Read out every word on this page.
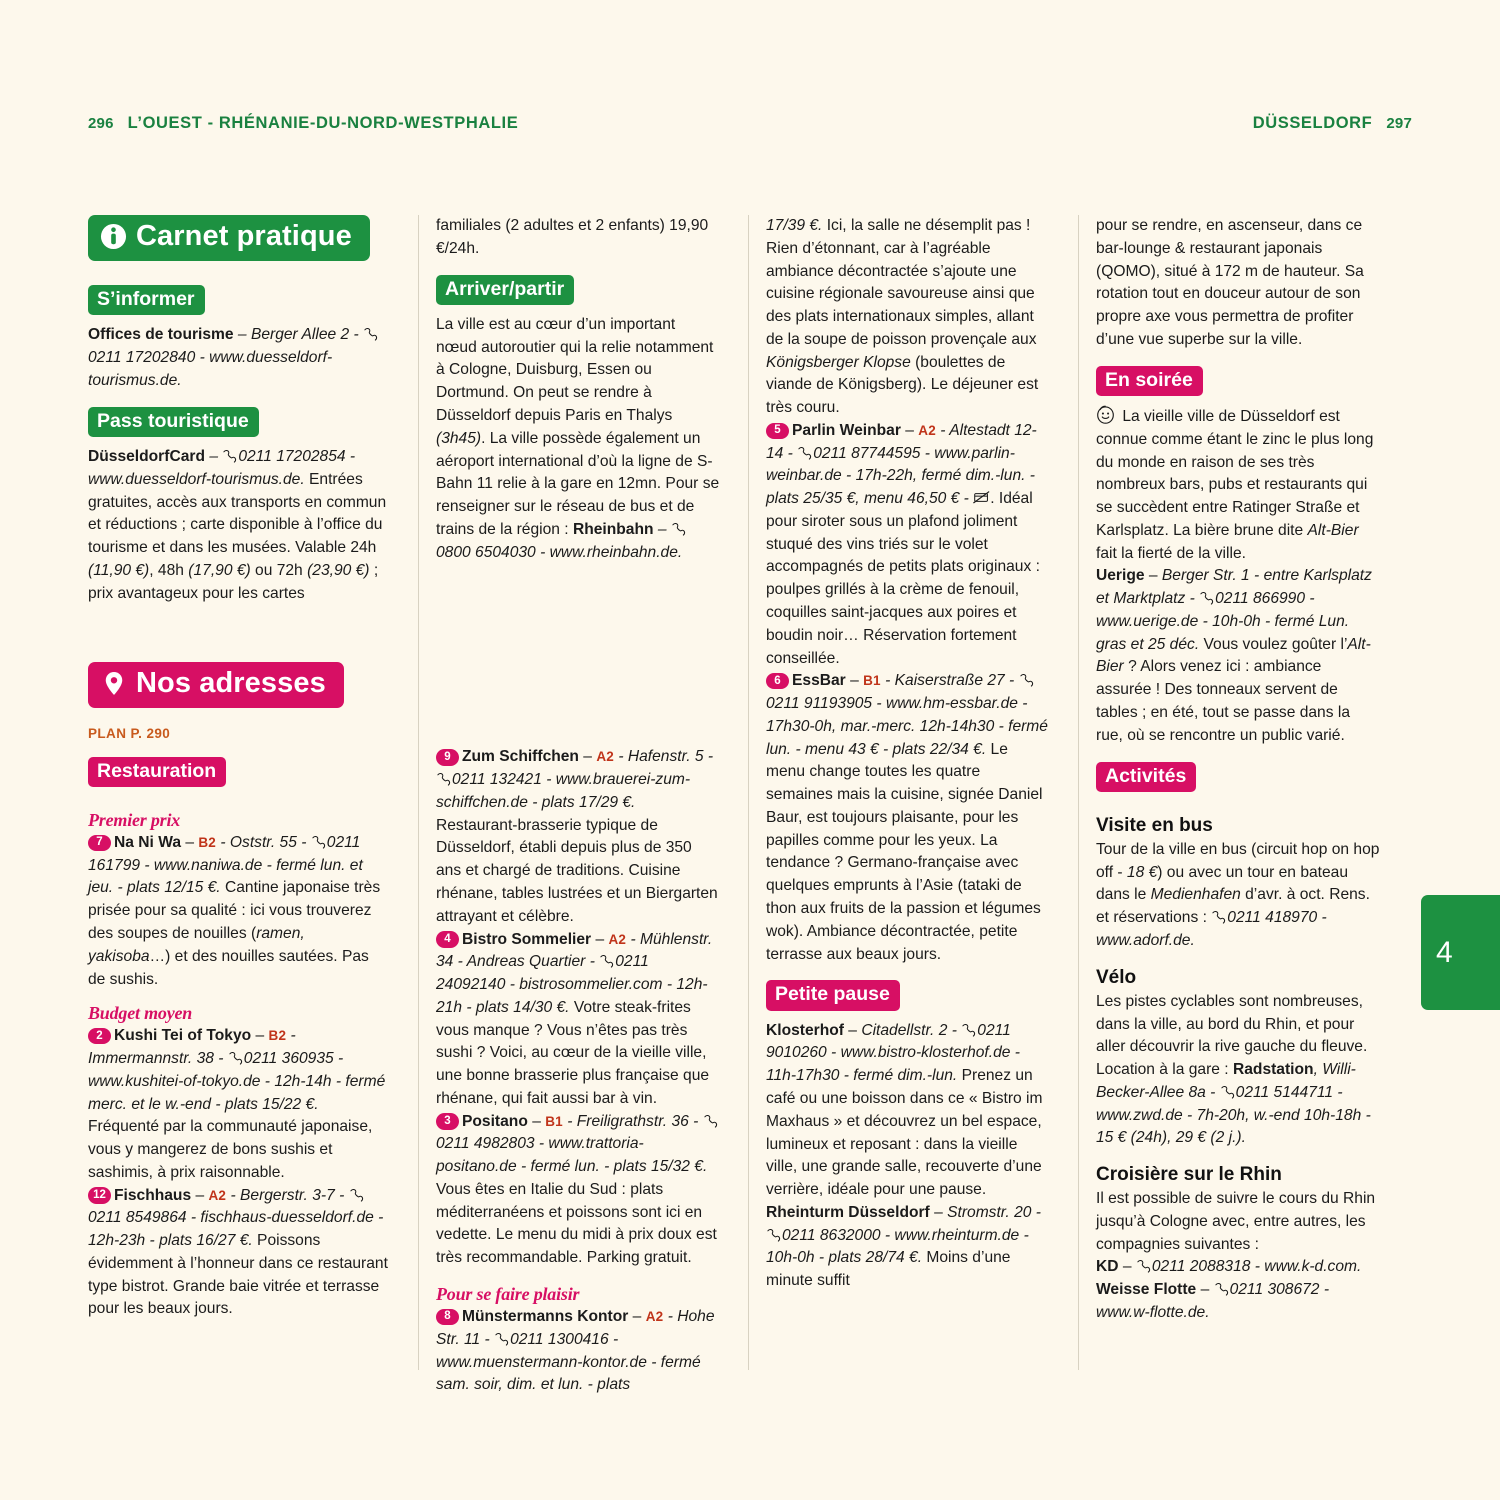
296 L’OUEST - RHÉNANIE-DU-NORD-WESTPHALIE	DÜSSELDORF 297
4
Carnet pratique
S’informer

Offices de tourisme – Berger Allee 2 -
0211 17202840 - www.duesseldorf-tourismus.de.

Pass touristique

DüsseldorfCard –
0211 17202854 - www.duesseldorf-tourismus.de. Entrées gratuites, accès aux transports en commun et réductions ; carte disponible à l’office du tourisme et dans les musées. Valable 24h (11,90 €), 48h (17,90 €) ou 72h (23,90 €) ; prix avantageux pour les cartes

Nos adresses
PLAN P. 290
Restauration
Premier prix

7 Na Ni Wa – B2 - Oststr. 55 -
0211 161799 - www.naniwa.de - fermé lun. et jeu. - plats 12/15 €. Cantine japonaise très prisée pour sa qualité : ici vous trouverez des soupes de nouilles (ramen, yakisoba…) et des nouilles sautées. Pas de sushis.

Budget moyen

2 Kushi Tei of Tokyo – B2 - Immermannstr. 38 -
0211 360935 - www.kushitei-of-tokyo.de - 12h-14h - fermé merc. et le w.-end - plats 15/22 €. Fréquenté par la communauté japonaise, vous y mangerez de bons sushis et sashimis, à prix raisonnable.

12 Fischhaus – A2 - Bergerstr. 3-7 -
0211 8549864 - fischhaus-duesseldorf.de - 12h-23h - plats 16/27 €. Poissons évidemment à l’honneur dans ce restaurant type bistrot. Grande baie vitrée et terrasse pour les beaux jours.

familiales (2 adultes et 2 enfants) 19,90 €/24h.

Arriver/partir

La ville est au cœur d’un important nœud autoroutier qui la relie notamment à Cologne, Duisburg, Essen ou Dortmund. On peut se rendre à Düsseldorf depuis Paris en Thalys (3h45). La ville possède également un aéroport international d’où la ligne de S-Bahn 11 relie à la gare en 12mn. Pour se renseigner sur le réseau de bus et de trains de la région : Rheinbahn –
0800 6504030 - www.rheinbahn.de.

9 Zum Schiffchen – A2 - Hafenstr. 5 -
0211 132421 - www.brauerei-zum-schiffchen.de - plats 17/29 €. Restaurant-brasserie typique de Düsseldorf, établi depuis plus de 350 ans et chargé de traditions. Cuisine rhénane, tables lustrées et un Biergarten attrayant et célèbre.

4 Bistro Sommelier – A2 - Mühlenstr. 34 - Andreas Quartier -
0211 24092140 - bistrosommelier.com - 12h-21h - plats 14/30 €. Votre steak-frites vous manque ? Vous n’êtes pas très sushi ? Voici, au cœur de la vieille ville, une bonne brasserie plus française que rhénane, qui fait aussi bar à vin.

3 Positano – B1 - Freiligrathstr. 36 -
0211 4982803 - www.trattoria-positano.de - fermé lun. - plats 15/32 €. Vous êtes en Italie du Sud : plats méditerranéens et poissons sont ici en vedette. Le menu du midi à prix doux est très recommandable. Parking gratuit.

Pour se faire plaisir

8 Münstermanns Kontor – A2 - Hohe Str. 11 -
0211 1300416 - www.muenstermann-kontor.de - fermé sam. soir, dim. et lun. - plats

17/39 €. Ici, la salle ne désemplit pas ! Rien d’étonnant, car à l’agréable ambiance décontractée s’ajoute une cuisine régionale savoureuse ainsi que des plats internationaux simples, allant de la soupe de poisson provençale aux Königsberger Klopse (boulettes de viande de Königsberg). Le déjeuner est très couru.

5 Parlin Weinbar – A2 - Altestadt 12-14 -
0211 87744595 - www.parlin-weinbar.de - 17h-22h, fermé dim.-lun. - plats 25/35 €, menu 46,50 € - . Idéal pour siroter sous un plafond joliment stuqué des vins triés sur le volet accompagnés de petits plats originaux : poulpes grillés à la crème de fenouil, coquilles saint-jacques aux poires et boudin noir… Réservation fortement conseillée.

6 EssBar – B1 - Kaiserstraße 27 -
0211 91193905 - www.hm-essbar.de - 17h30-0h, mar.-merc. 12h-14h30 - fermé lun. - menu 43 € - plats 22/34 €. Le menu change toutes les quatre semaines mais la cuisine, signée Daniel Baur, est toujours plaisante, pour les papilles comme pour les yeux. La tendance ? Germano-française avec quelques emprunts à l’Asie (tataki de thon aux fruits de la passion et légumes wok). Ambiance décontractée, petite terrasse aux beaux jours.

Petite pause

Klosterhof – Citadellstr. 2 -
0211 9010260 - www.bistro-klosterhof.de - 11h-17h30 - fermé dim.-lun. Prenez un café ou une boisson dans ce « Bistro im Maxhaus » et découvrez un bel espace, lumineux et reposant : dans la vieille ville, une grande salle, recouverte d’une verrière, idéale pour une pause.

Rheinturm Düsseldorf – Stromstr. 20 -
0211 8632000 - www.rheinturm.de - 10h-0h - plats 28/74 €. Moins d’une minute suffit

pour se rendre, en ascenseur, dans ce bar-lounge & restaurant japonais (QOMO), situé à 172 m de hauteur. Sa rotation tout en douceur autour de son propre axe vous permettra de profiter d’une vue superbe sur la ville.

En soirée

La vieille ville de Düsseldorf est connue comme étant le zinc le plus long du monde en raison de ses très nombreux bars, pubs et restaurants qui se succèdent entre Ratinger Straße et Karlsplatz. La bière brune dite Alt-Bier fait la fierté de la ville.

Uerige – Berger Str. 1 - entre Karlsplatz et Marktplatz -
0211 866990 - www.uerige.de - 10h-0h - fermé Lun. gras et 25 déc. Vous voulez goûter l’Alt-Bier ? Alors venez ici : ambiance assurée ! Des tonneaux servent de tables ; en été, tout se passe dans la rue, où se rencontre un public varié.

Activités
Visite en bus

Tour de la ville en bus (circuit hop on hop off - 18 €) ou avec un tour en bateau dans le Medienhafen d’avr. à oct. Rens. et réservations :
0211 418970 - www.adorf.de.

Vélo

Les pistes cyclables sont nombreuses, dans la ville, au bord du Rhin, et pour aller découvrir la rive gauche du fleuve. Location à la gare : Radstation, Willi-Becker-Allee 8a -
0211 5144711 - www.zwd.de - 7h-20h, w.-end 10h-18h - 15 € (24h), 29 € (2 j.).

Croisière sur le Rhin

Il est possible de suivre le cours du Rhin jusqu’à Cologne avec, entre autres, les compagnies suivantes :

KD –
0211 2088318 - www.k-d.com.

Weisse Flotte –
0211 308672 - www.w-flotte.de.
